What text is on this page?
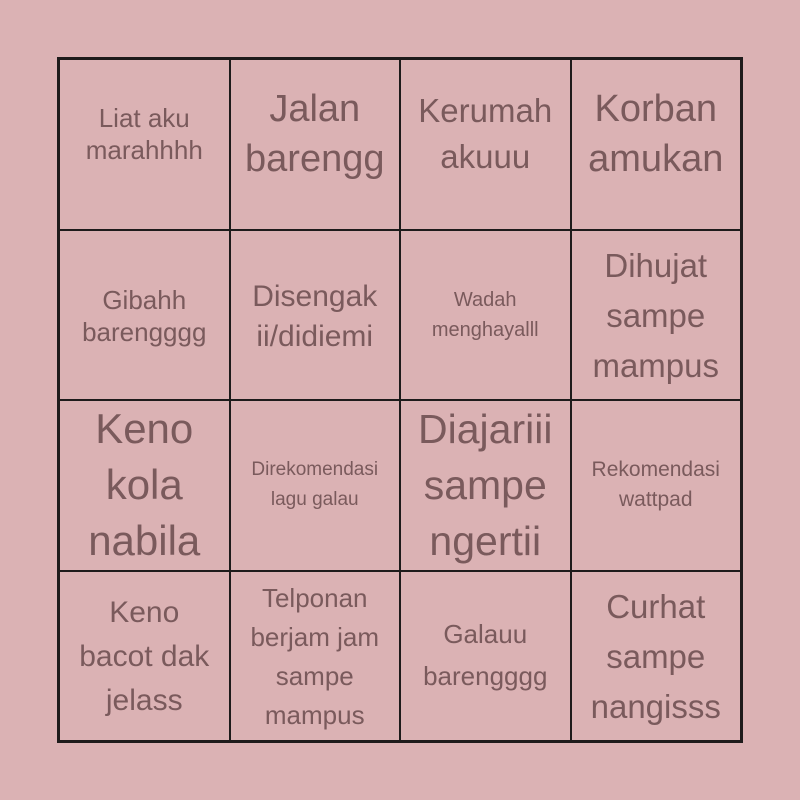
Liat aku
marahhhh
Jalan
barengg
Kerumah
akuuu
Korban
amukan
Gibahh
barengggg
Disengak
ii/didiemi
Wadah
menghayalll
Dihujat
sampe
mampus
Keno
kola
nabila
Direkomendasi
lagu galau
Diajariii
sampe
ngertii
Rekomendasi
wattpad
Keno
bacot dak
jelass
Telponan
berjam jam
sampe
mampus
Galauu
barengggg
Curhat
sampe
nangisss
